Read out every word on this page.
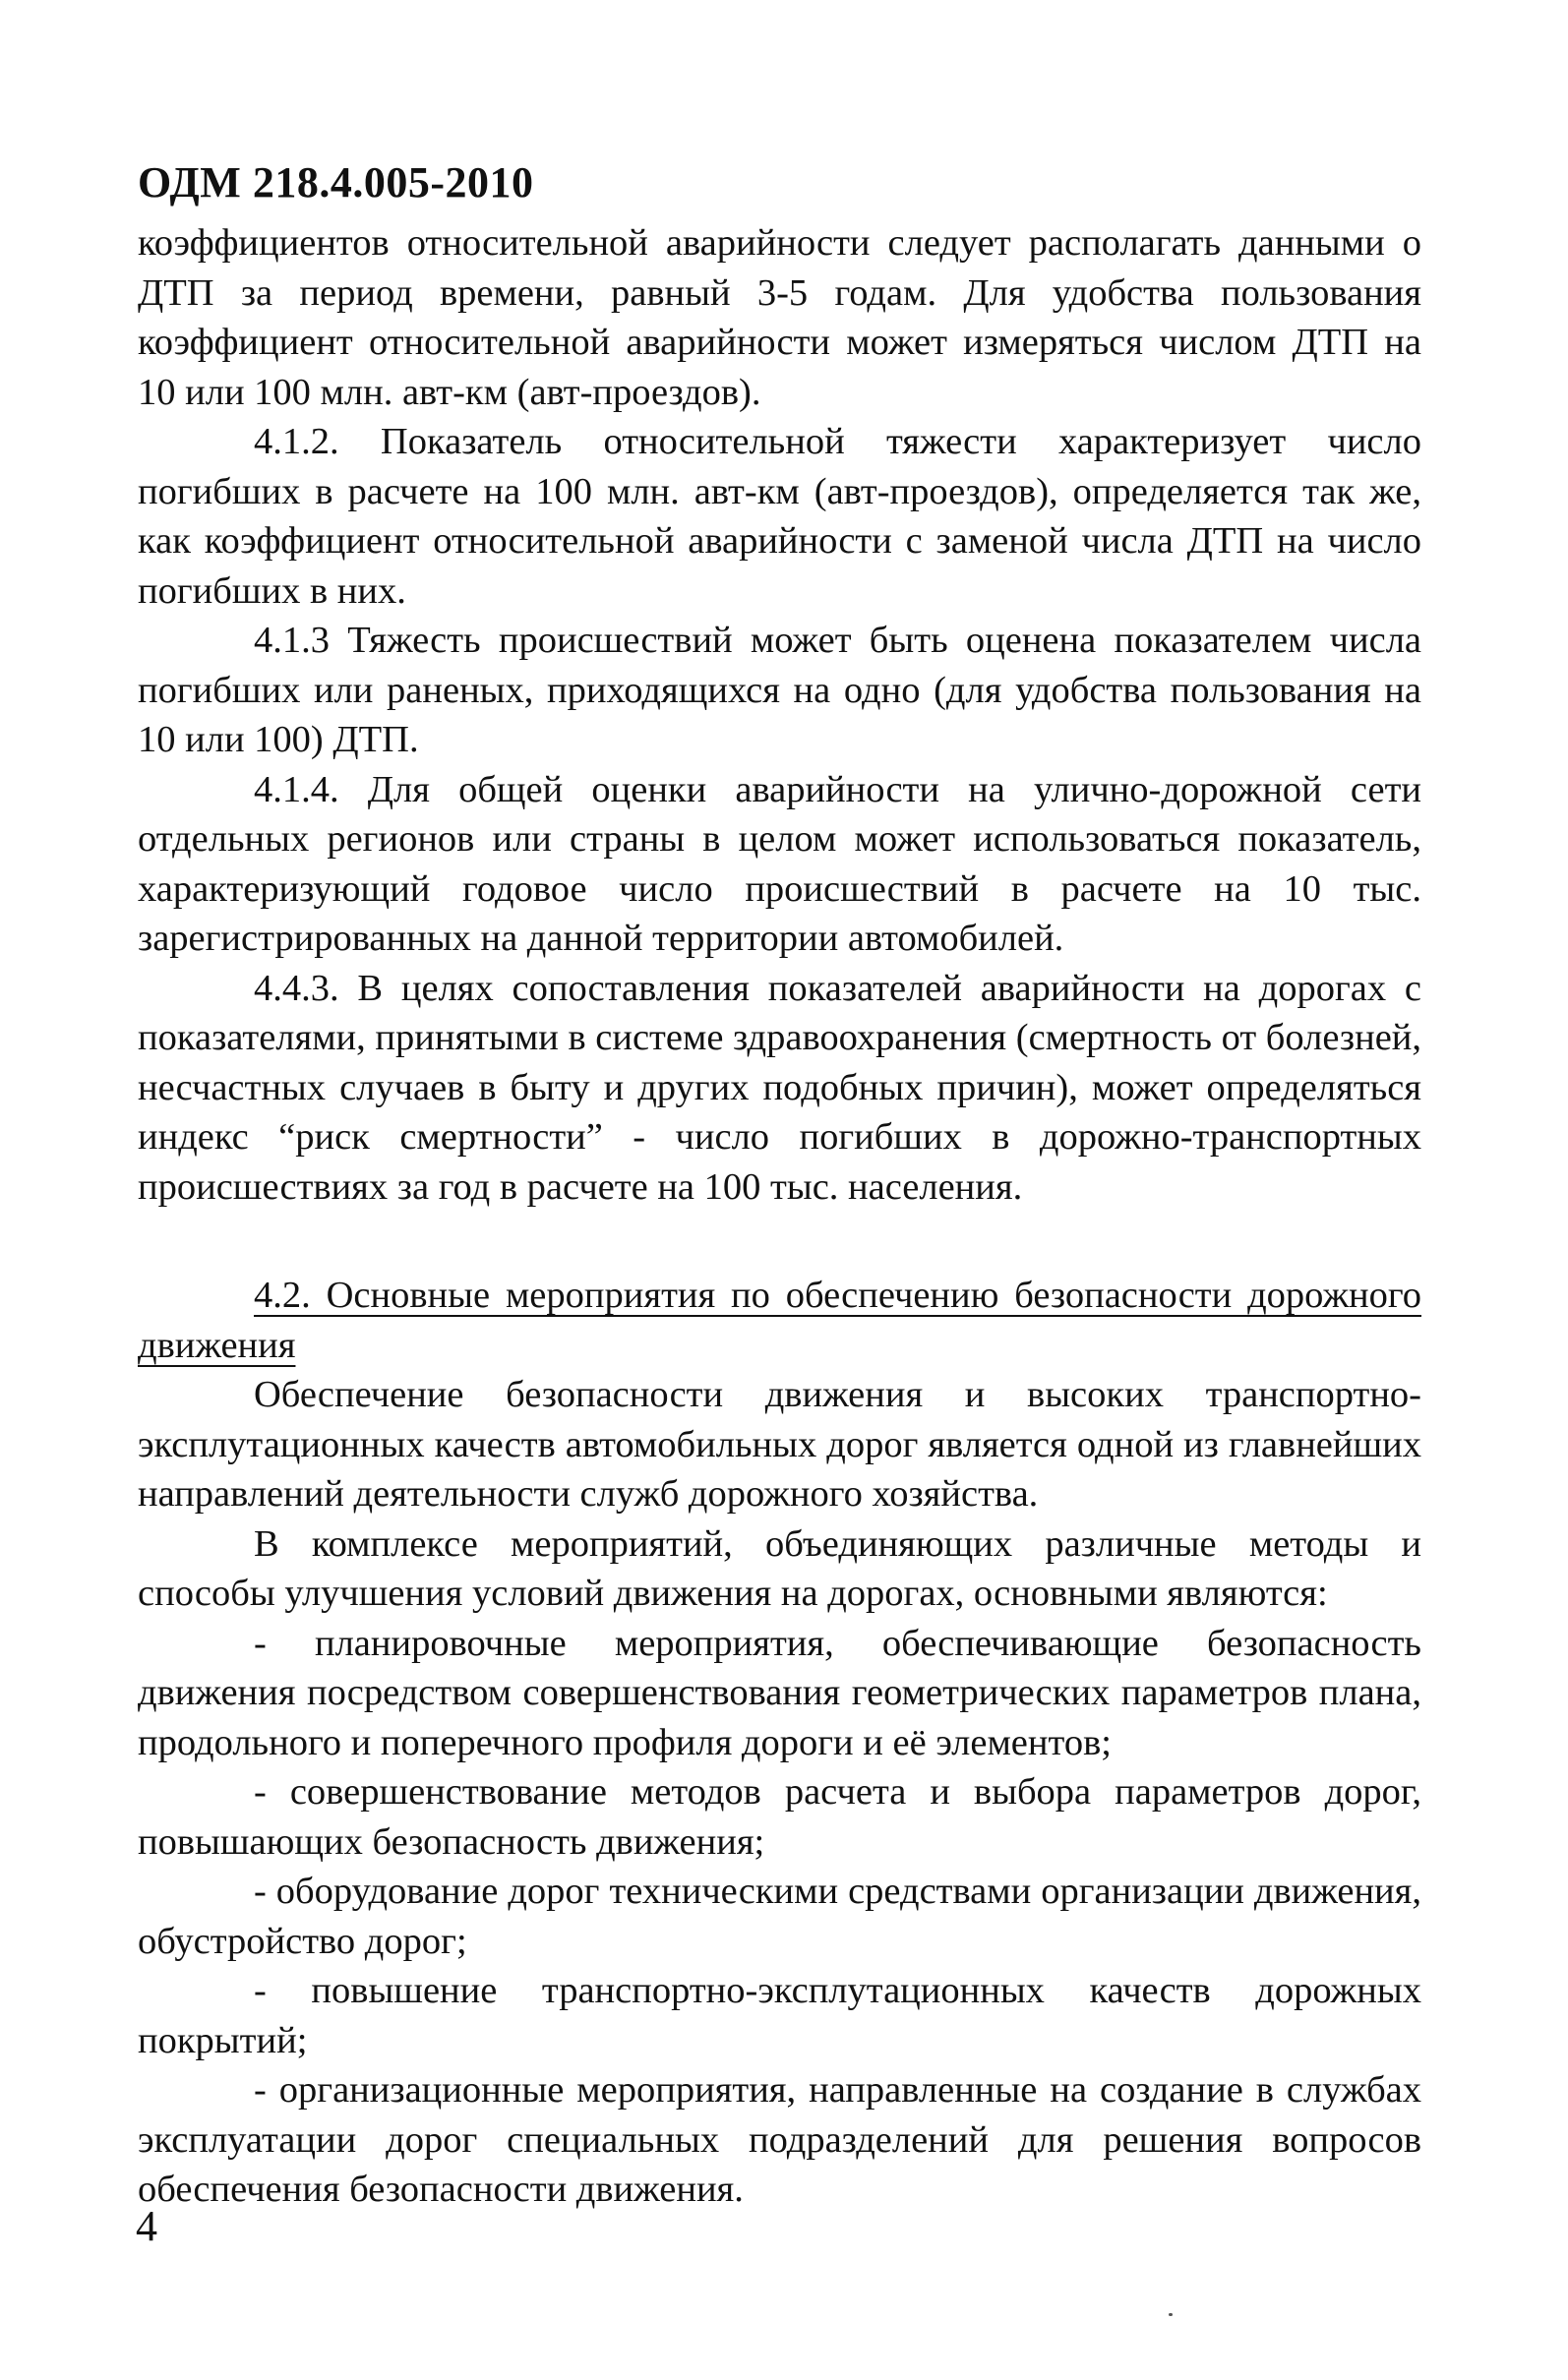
ОДМ 218.4.005-2010

коэффициентов относительной аварийности следует располагать данными о ДТП за период времени, равный 3-5 годам. Для удобства пользования коэффициент относительной аварийности может измеряться числом ДТП на 10 или 100 млн. авт-км (авт-проездов).

4.1.2. Показатель относительной тяжести характеризует число погибших в расчете на 100 млн. авт-км (авт-проездов), определяется так же, как коэффициент относительной аварийности с заменой числа ДТП на число погибших в них.

4.1.3 Тяжесть происшествий может быть оценена показателем числа погибших или раненых, приходящихся на одно (для удобства пользования на 10 или 100) ДТП.

4.1.4. Для общей оценки аварийности на улично-дорожной сети отдельных регионов или страны в целом может использоваться показатель, характеризующий годовое число происшествий в расчете на 10 тыс. зарегистрированных на данной территории автомобилей.

4.4.3. В целях сопоставления показателей аварийности на дорогах с показателями, принятыми в системе здравоохранения (смертность от болезней, несчастных случаев в быту и других подобных причин), может определяться индекс “риск смертности” - число погибших в дорожно-транспортных происшествиях за год в расчете на 100 тыс. населения.

4.2. Основные мероприятия по обеспечению безопасности дорожного движения

Обеспечение безопасности движения и высоких транспортно-эксплутационных качеств автомобильных дорог является одной из главнейших направлений деятельности служб дорожного хозяйства.

В комплексе мероприятий, объединяющих различные методы и способы улучшения условий движения на дорогах, основными являются:

- планировочные мероприятия, обеспечивающие безопасность движения посредством совершенствования геометрических параметров плана, продольного и поперечного профиля дороги и её элементов;

- совершенствование методов расчета и выбора параметров дорог, повышающих безопасность движения;

- оборудование дорог техническими средствами организации движения, обустройство дорог;

- повышение транспортно-эксплутационных качеств дорожных покрытий;

- организационные мероприятия, направленные на создание в службах эксплуатации дорог специальных подразделений для решения вопросов обеспечения безопасности движения.

4
